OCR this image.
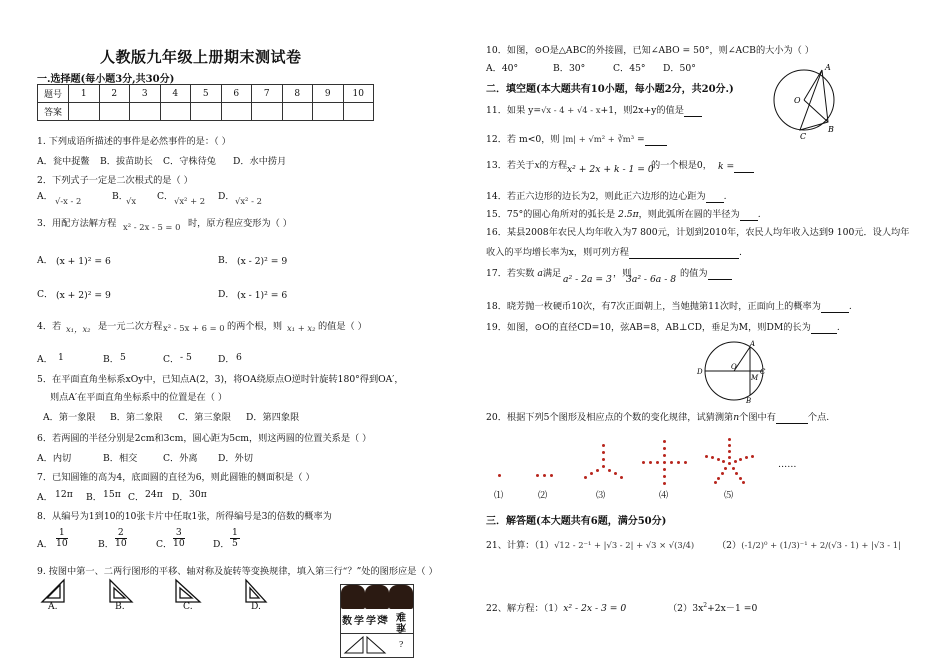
人教版九年级上册期末测试卷
一.选择题(每小题3分,共30分)
题号	1	2	3	4	5	6	7	8	9	10
答案										
1. 下列成语所描述的事件是必然事件的是：（ ）
A．瓮中捉鳖 B．拔苗助长 C．守株待兔 D．水中捞月
2．下列式子一定是二次根式的是（ ）
A． √-x - 2	B．
√x C． √x² + 2 D． √x² - 2
3．用配方法解方程 x² - 2x - 5 = 0 时，原方程应变形为（ ）
A． (x + 1)² = 6	B． (x - 2)² = 9
C． (x + 2)² = 9	D． (x - 1)² = 6
4．若 x₁，x₂ 是一元二次方程 x² - 5x + 6 = 0 的两个根，则 x₁ + x₂ 的值是（ ）
A． 1	B． 5	C． - 5	D． 6
5．在平面直角坐标系xOy中，已知点A(2，3)，将OA绕原点O逆时针旋转180°得到OA′，
则点A′在平面直角坐标系中的位置是在（ ）
A．第一象限 B．第二象限 C．第三象限 D．第四象限
6．若两圆的半径分别是2cm和3cm，圆心距为5cm，则这两圆的位置关系是（ ）
A．内切	B．相交	C．外离 D．外切
7．已知圆锥的高为4，底面圆的直径为6，则此圆锥的侧面积是（ ）
A． 12π B． 15π C． 24π D． 30π
8．从编号为1到10的10张卡片中任取1张，所得编号是3的倍数的概率为
A． $\frac{1}{10}$	B． $\frac{2}{10}$	C． $\frac{3}{10}$	D． $\frac{1}{5}$
9. 按图中第一、二两行图形的平移、轴对称及旋转等变换规律，填入第三行“？”处的图形应是（ ）
A.	B.	C.	D.
数 学 学 数 难
难
?
10．如图，⊙O是△ABC的外接圆，已知∠ABO = 50°，则∠ACB的大小为（ ）
A．40°	B．30°	C．45° D．50°	A
B
C
O
二．填空题(本大题共有10小题，每小题2分，共20分.)
11．如果 y=√x - 4 + √4 - x+1，则2x+y的值是
12．若 m<0，则 |m| + √m² + ∛m³ =
13．若关于x的方程 x² + 2x + k - 1 = 0
的一个根是0， k =
14．若正六边形的边长为2，则此正六边形的边心距为 .
15．75°的圆心角所对的弧长是 2.5π，则此弧所在圆的半径为 .
16．某县2008年农民人均年收入为7 800元，计划到2010年，农民人均年收入达到9 100元．设人均年
收入的平均增长率为x，则可列方程	.
17．若实数 a满足
a² - 2a = 3
，则
3a² - 6a - 8
的值为
18．晓芳抛一枚硬币10次，有7次正面朝上，当她抛第11次时，正面向上的概率为	.
19．如图，⊙O的直径CD=10，弦AB=8，AB⊥CD，垂足为M，则DM的长为	.
A
B
C
D
O
M
20．根据下列5个图形及相应点的个数的变化规律，试猜测第n个图中有	个点.
⑴	⑵	⑶	⑷	⑸
……
三．解答题(本大题共有6题，满分50分)
21、计算：（1）√12 - 2⁻¹ + |√3 - 2| + √3 × √(3/4) （2）(-1/2)⁰ + (1/3)⁻¹ + 2/(√3 - 1) + |√3 - 1|
22、解方程：（1）x² - 2x - 3 = 0	$(2)3x^2+2x-1 =0$
